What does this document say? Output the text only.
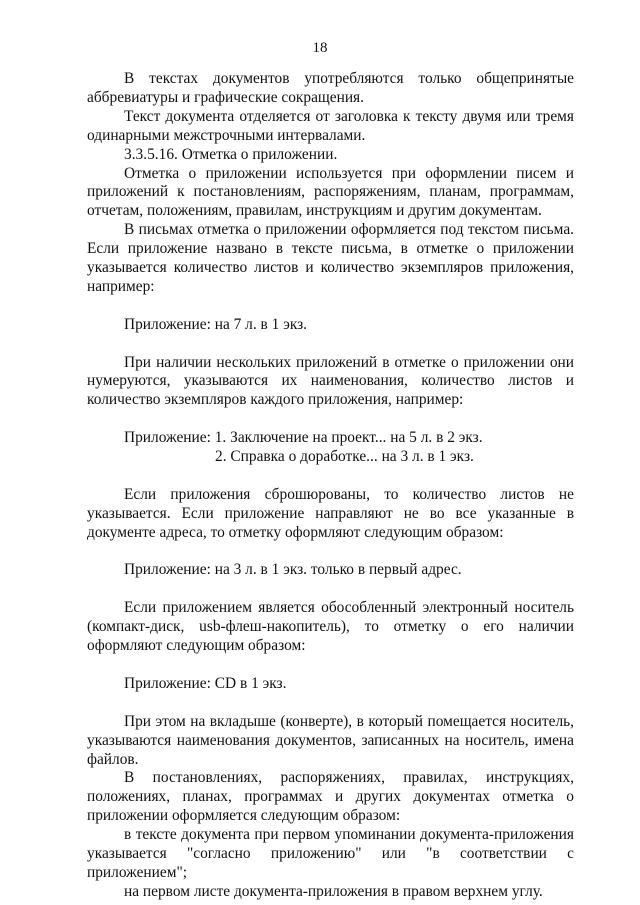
18

В текстах документов употребляются только общепринятые аббревиатуры и графические сокращения.

Текст документа отделяется от заголовка к тексту двумя или тремя одинарными межстрочными интервалами.

3.3.5.16. Отметка о приложении.

Отметка о приложении используется при оформлении писем и приложений к постановлениям, распоряжениям, планам, программам, отчетам, положениям, правилам, инструкциям и другим документам.

В письмах отметка о приложении оформляется под текстом письма. Если приложение названо в тексте письма, в отметке о приложении указывается количество листов и количество экземпляров приложения, например:

Приложение: на 7 л. в 1 экз.

При наличии нескольких приложений в отметке о приложении они нумеруются, указываются их наименования, количество листов и количество экземпляров каждого приложения, например:

Приложение: 1. Заключение на проект... на 5 л. в 2 экз.

2. Справка о доработке... на 3 л. в 1 экз.

Если приложения сброшюрованы, то количество листов не указывается. Если приложение направляют не во все указанные в документе адреса, то отметку оформляют следующим образом:

Приложение: на 3 л. в 1 экз. только в первый адрес.

Если приложением является обособленный электронный носитель (компакт-диск, usb-флеш-накопитель), то отметку о его наличии оформляют следующим образом:

Приложение: CD в 1 экз.

При этом на вкладыше (конверте), в который помещается носитель, указываются наименования документов, записанных на носитель, имена файлов.

В постановлениях, распоряжениях, правилах, инструкциях, положениях, планах, программах и других документах отметка о приложении оформляется следующим образом:

в тексте документа при первом упоминании документа-приложения указывается "согласно приложению" или "в соответствии с приложением";

на первом листе документа-приложения в правом верхнем углу.
